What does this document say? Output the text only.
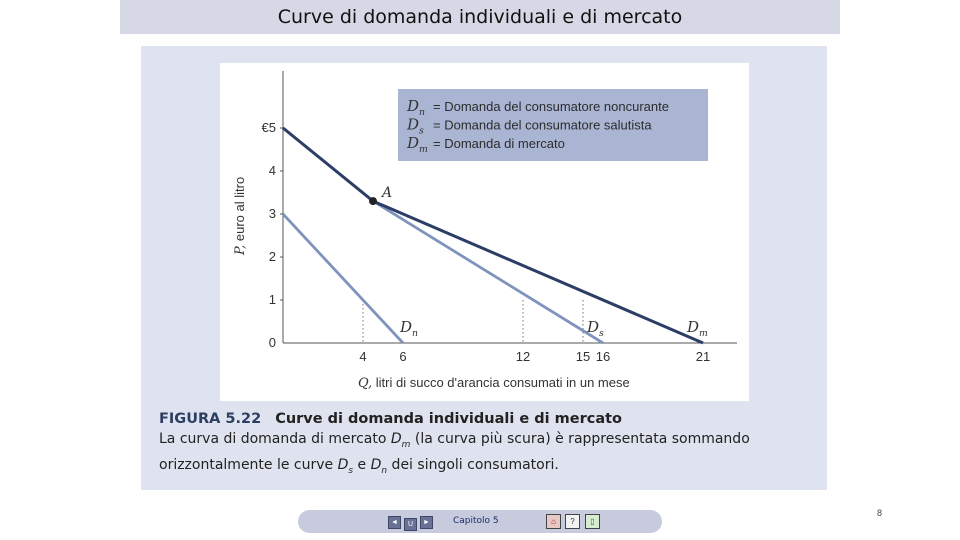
Curve di domanda individuali e di mercato
$D_n$ = Domanda del consumatore noncurante
$D_s$ = Domanda del consumatore salutista
$D_m$ = Domanda di mercato
0
1
2
3
4
€5
4	6	12	15 16	21
$D_n$	$D_s$	$D_m$
A
Q, litri di succo d'arancia consumati in un mese
P, euro al litro
FIGURA 5.22 Curve di domanda individuali e di mercato
La curva di domanda di mercato $D_m$ (la curva più scura) è rappresentata sommando orizzontalmente le curve $D_s$ e $D_n$ dei singoli consumatori.
◄	U	►	Capitolo 5	⌂	?	▯
8
